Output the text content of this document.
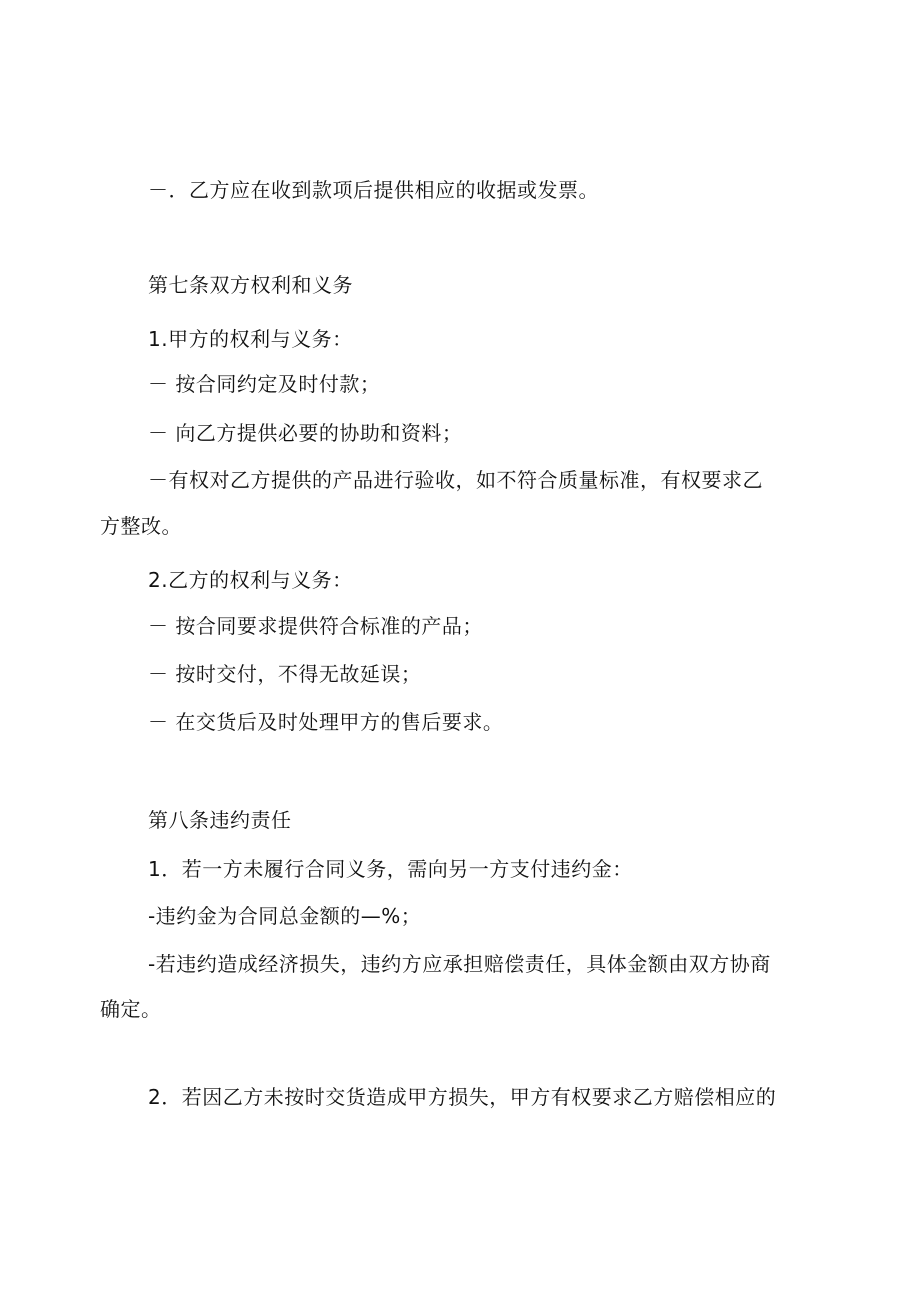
－．乙方应在收到款项后提供相应的收据或发票。
第七条双方权利和义务
1.甲方的权利与义务：
－ 按合同约定及时付款；
－ 向乙方提供必要的协助和资料；
－有权对乙方提供的产品进行验收，如不符合质量标准，有权要求乙
方整改。
2.乙方的权利与义务：
－ 按合同要求提供符合标准的产品；
－ 按时交付，不得无故延误；
－ 在交货后及时处理甲方的售后要求。
第八条违约责任
1．若一方未履行合同义务，需向另一方支付违约金：
-违约金为合同总金额的—%；
-若违约造成经济损失，违约方应承担赔偿责任，具体金额由双方协商
确定。
2．若因乙方未按时交货造成甲方损失，甲方有权要求乙方赔偿相应的
